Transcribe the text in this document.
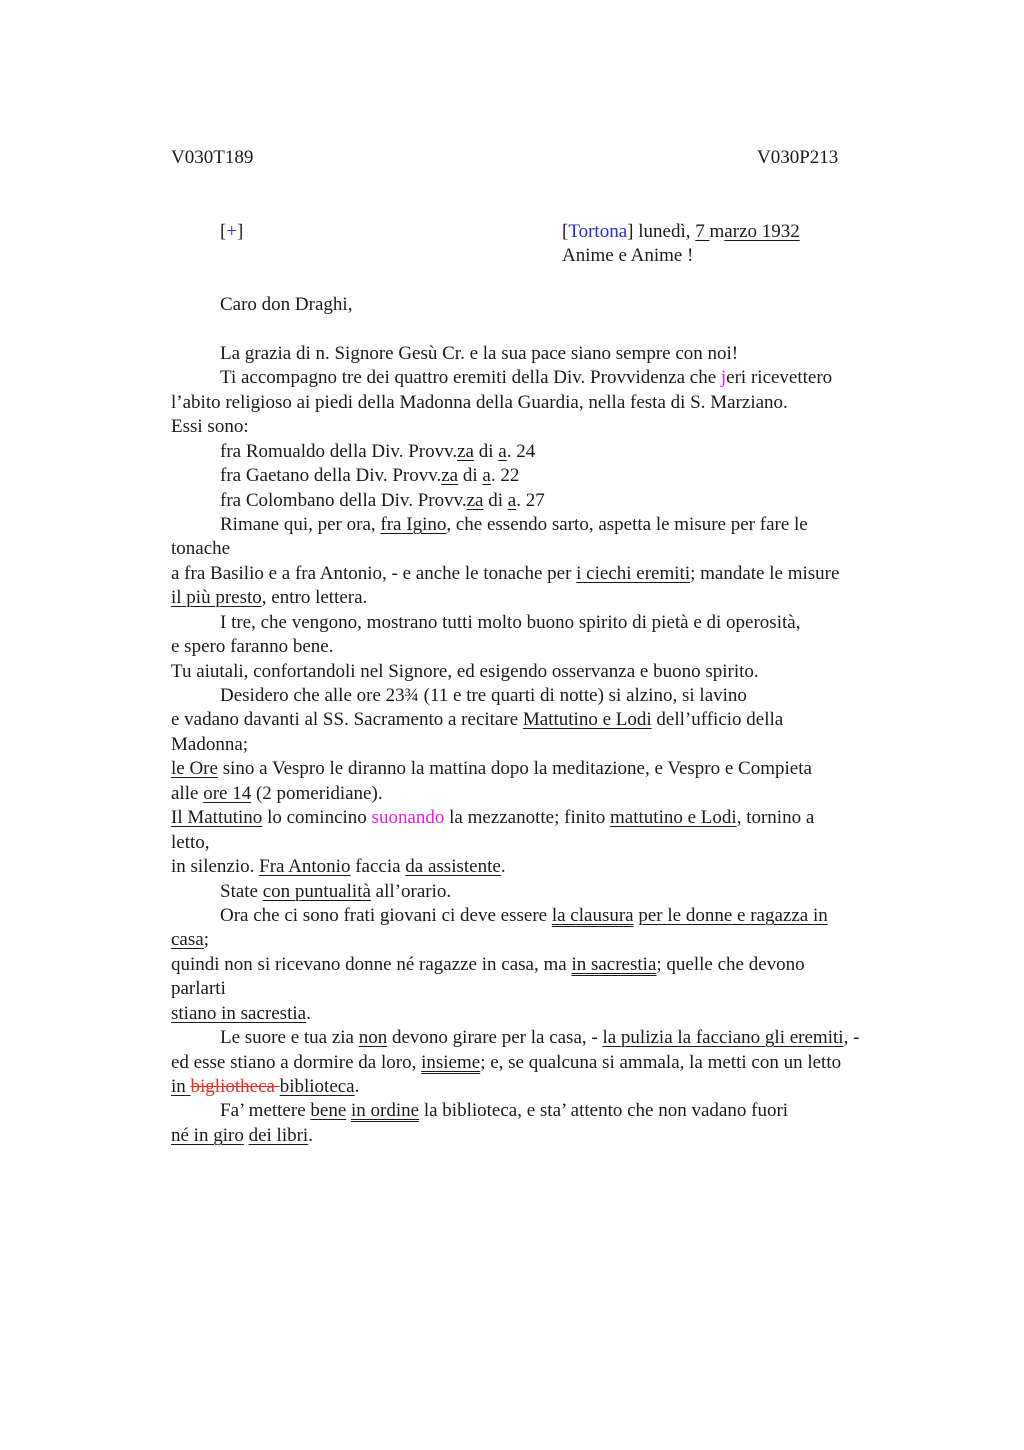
V030T189	V030P213
[+]	[Tortona] lunedì, 7 marzo 1932
Anime e Anime !
Caro don Draghi,
La grazia di n. Signore Gesù Cr. e la sua pace siano sempre con noi!
Ti accompagno tre dei quattro eremiti della Div. Provvidenza che jeri ricevettero
l’abito religioso ai piedi della Madonna della Guardia, nella festa di S. Marziano.
Essi sono:
fra Romualdo della Div. Provv.za di a. 24
fra Gaetano della Div. Provv.za di a. 22
fra Colombano della Div. Provv.za di a. 27
Rimane qui, per ora, fra Igino, che essendo sarto, aspetta le misure per fare le
tonache
a fra Basilio e a fra Antonio, - e anche le tonache per i ciechi eremiti; mandate le misure
il più presto, entro lettera.
I tre, che vengono, mostrano tutti molto buono spirito di pietà e di operosità,
e spero faranno bene.
Tu aiutali, confortandoli nel Signore, ed esigendo osservanza e buono spirito.
Desidero che alle ore 23¾ (11 e tre quarti di notte) si alzino, si lavino
e vadano davanti al SS. Sacramento a recitare Mattutino e Lodi dell’ufficio della
Madonna;
le Ore sino a Vespro le diranno la mattina dopo la meditazione, e Vespro e Compieta
alle ore 14 (2 pomeridiane).
Il Mattutino lo comincino suonando la mezzanotte; finito mattutino e Lodi, tornino a
letto,
in silenzio. Fra Antonio faccia da assistente.
State con puntualità all’orario.
Ora che ci sono frati giovani ci deve essere la clausura per le donne e ragazza in
casa;
quindi non si ricevano donne né ragazze in casa, ma in sacrestia; quelle che devono
parlarti
stiano in sacrestia.
Le suore e tua zia non devono girare per la casa, - la pulizia la facciano gli eremiti, -
ed esse stiano a dormire da loro, insieme; e, se qualcuna si ammala, la metti con un letto
in bigliotheca biblioteca.
Fa’ mettere bene in ordine la biblioteca, e sta’ attento che non vadano fuori
né in giro dei libri.
